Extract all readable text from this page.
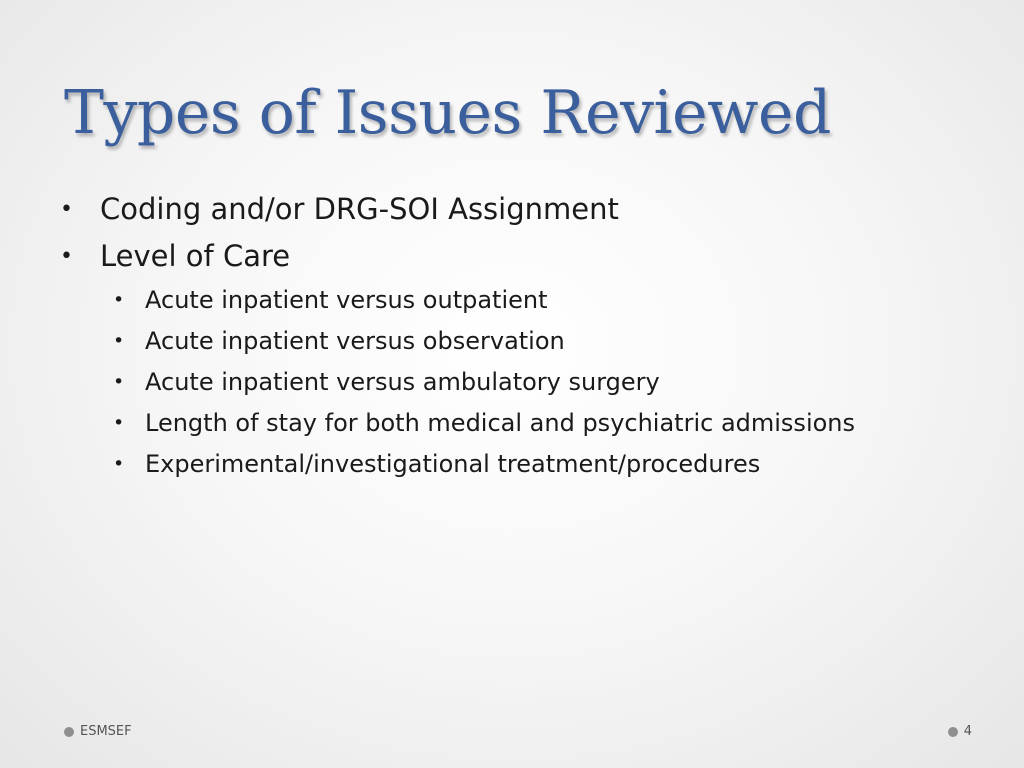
Types of Issues Reviewed
• Coding and/or DRG-SOI Assignment
• Level of Care
• Acute inpatient versus outpatient
• Acute inpatient versus observation
• Acute inpatient versus ambulatory surgery
• Length of stay for both medical and psychiatric admissions
• Experimental/investigational treatment/procedures
ESMSEF	4
